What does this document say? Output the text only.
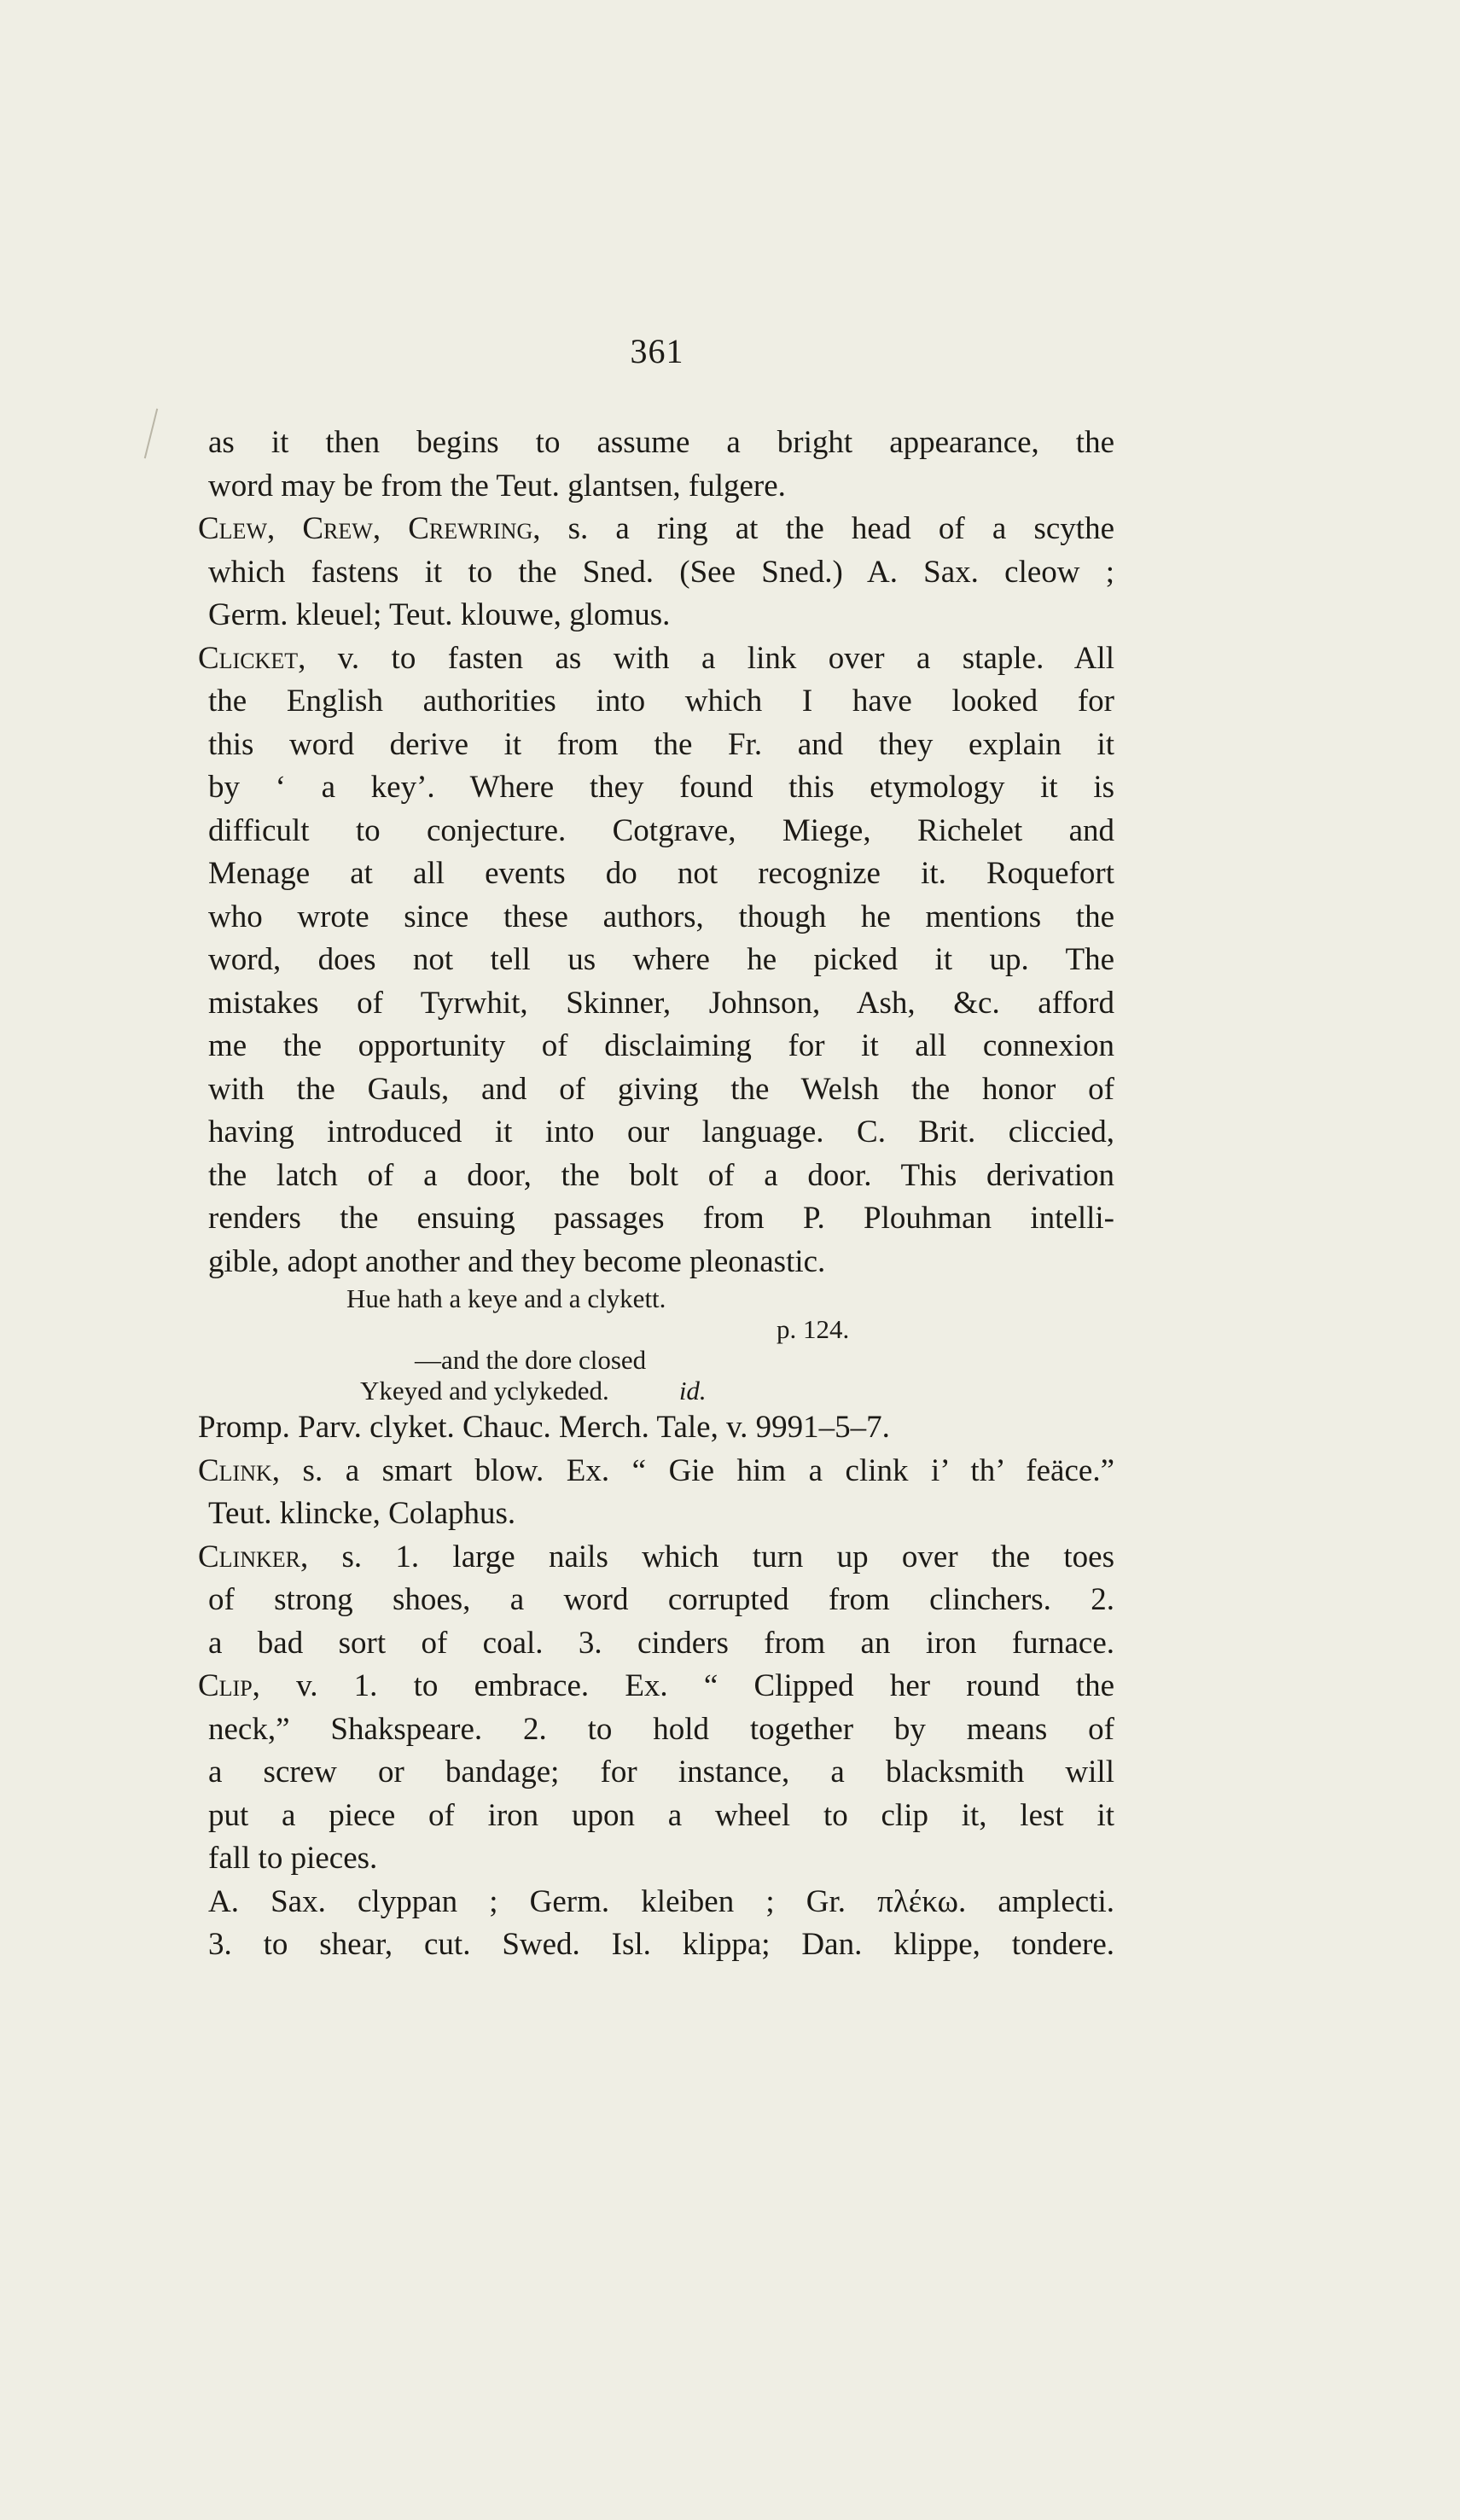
361
as it then begins to assume a bright appearance, the
word may be from the Teut. glantsen, fulgere.
Clew, Crew, Crewring, s. a ring at the head of a scythe
which fastens it to the Sned. (See Sned.) A. Sax. cleow ;
Germ. kleuel; Teut. klouwe, glomus.
Clicket, v. to fasten as with a link over a staple. All
the English authorities into which I have looked for
this word derive it from the Fr. and they explain it
by ‘ a key’. Where they found this etymology it is
difficult to conjecture. Cotgrave, Miege, Richelet and
Menage at all events do not recognize it. Roquefort
who wrote since these authors, though he mentions the
word, does not tell us where he picked it up. The
mistakes of Tyrwhit, Skinner, Johnson, Ash, &c. afford
me the opportunity of disclaiming for it all connexion
with the Gauls, and of giving the Welsh the honor of
having introduced it into our language. C. Brit. cliccied,
the latch of a door, the bolt of a door. This derivation
renders the ensuing passages from P. Plouhman intelli-
gible, adopt another and they become pleonastic.
Hue hath a keye and a clykett.
p. 124.
—and the dore closed
Ykeyed and yclykeded.	id.
Promp. Parv. clyket. Chauc. Merch. Tale, v. 9991–5–7.
Clink, s. a smart blow. Ex. “ Gie him a clink i’ th’ feäce.”
Teut. klincke, Colaphus.
Clinker, s. 1. large nails which turn up over the toes
of strong shoes, a word corrupted from clinchers. 2.
a bad sort of coal. 3. cinders from an iron furnace.
Clip, v. 1. to embrace. Ex. “ Clipped her round the
neck,” Shakspeare. 2. to hold together by means of
a screw or bandage; for instance, a blacksmith will
put a piece of iron upon a wheel to clip it, lest it
fall to pieces.
A. Sax. clyppan ; Germ. kleiben ; Gr. πλέκω. amplecti.
3. to shear, cut. Swed. Isl. klippa; Dan. klippe, tondere.
